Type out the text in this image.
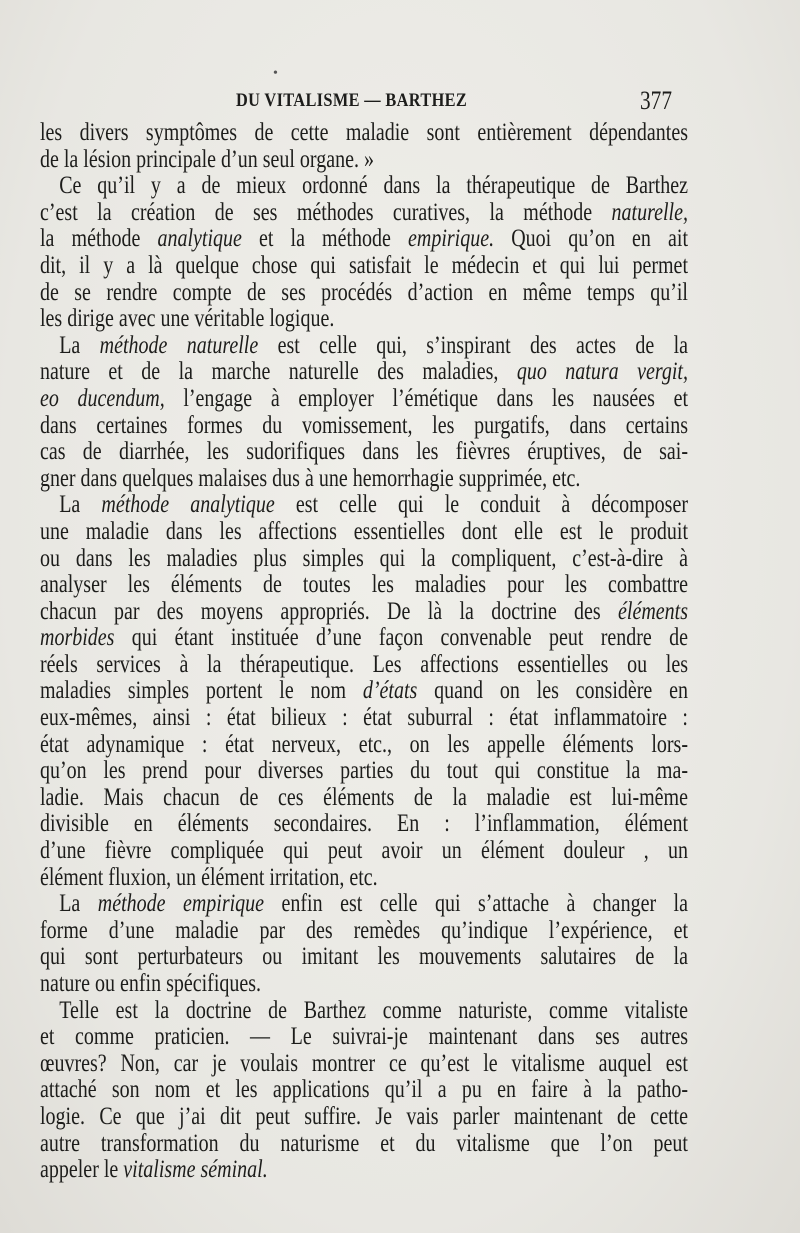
•
DU VITALISME — BARTHEZ	377
les divers symptômes de cette maladie sont entièrement dépendantes
de la lésion principale d’un seul organe. »
Ce qu’il y a de mieux ordonné dans la thérapeutique de Barthez
c’est la création de ses méthodes curatives, la méthode naturelle,
la méthode analytique et la méthode empirique. Quoi qu’on en ait
dit, il y a là quelque chose qui satisfait le médecin et qui lui permet
de se rendre compte de ses procédés d’action en même temps qu’il
les dirige avec une véritable logique.
La méthode naturelle est celle qui, s’inspirant des actes de la
nature et de la marche naturelle des maladies, quo natura vergit,
eo ducendum, l’engage à employer l’émétique dans les nausées et
dans certaines formes du vomissement, les purgatifs, dans certains
cas de diarrhée, les sudorifiques dans les fièvres éruptives, de sai-
gner dans quelques malaises dus à une hemorrhagie supprimée, etc.
La méthode analytique est celle qui le conduit à décomposer
une maladie dans les affections essentielles dont elle est le produit
ou dans les maladies plus simples qui la compliquent, c’est-à-dire à
analyser les éléments de toutes les maladies pour les combattre
chacun par des moyens appropriés. De là la doctrine des éléments
morbides qui étant instituée d’une façon convenable peut rendre de
réels services à la thérapeutique. Les affections essentielles ou les
maladies simples portent le nom d’états quand on les considère en
eux-mêmes, ainsi : état bilieux : état suburral : état inflammatoire :
état adynamique : état nerveux, etc., on les appelle éléments lors-
qu’on les prend pour diverses parties du tout qui constitue la ma-
ladie. Mais chacun de ces éléments de la maladie est lui-même
divisible en éléments secondaires. En : l’inflammation, élément
d’une fièvre compliquée qui peut avoir un élément douleur , un
élément fluxion, un élément irritation, etc.
La méthode empirique enfin est celle qui s’attache à changer la
forme d’une maladie par des remèdes qu’indique l’expérience, et
qui sont perturbateurs ou imitant les mouvements salutaires de la
nature ou enfin spécifiques.
Telle est la doctrine de Barthez comme naturiste, comme vitaliste
et comme praticien. — Le suivrai-je maintenant dans ses autres
œuvres? Non, car je voulais montrer ce qu’est le vitalisme auquel est
attaché son nom et les applications qu’il a pu en faire à la patho-
logie. Ce que j’ai dit peut suffire. Je vais parler maintenant de cette
autre transformation du naturisme et du vitalisme que l’on peut
appeler le vitalisme séminal.
